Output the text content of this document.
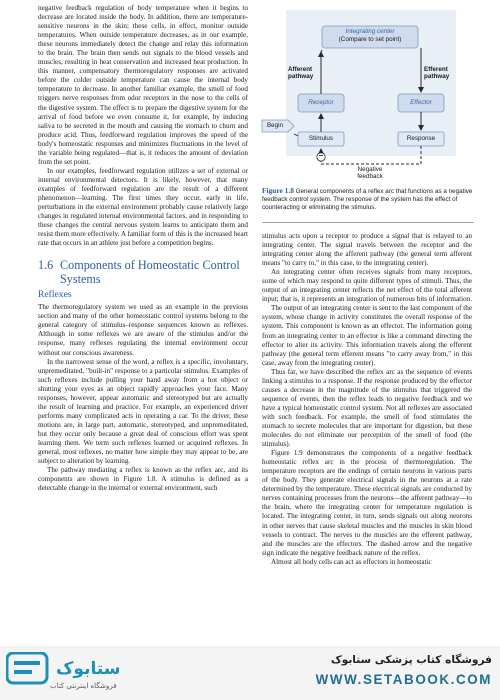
negative feedback regulation of body temperature when it begins to decrease are located inside the body. In addition, there are temperature-sensitive neurons in the skin; these cells, in effect, monitor outside temperatures. When outside temperature decreases, as in our example, these neurons immediately detect the change and relay this information to the brain. The brain then sends out signals to the blood vessels and muscles, resulting in heat conservation and increased heat production. In this manner, compensatory thermoregulatory responses are activated before the colder outside temperature can cause the internal body temperature to decrease. In another familiar example, the smell of food triggers nerve responses from odor receptors in the nose to the cells of the digestive system. The effect is to prepare the digestive system for the arrival of food before we even consume it, for example, by inducing saliva to be secreted in the mouth and causing the stomach to churn and produce acid. Thus, feedforward regulation improves the speed of the body's homeostatic responses and minimizes fluctuations in the level of the variable being regulated—that is, it reduces the amount of deviation from the set point.

In our examples, feedforward regulation utilizes a set of external or internal environmental detectors. It is likely, however, that many examples of feedforward regulation are the result of a different phenomenon—learning. The first times they occur, early in life, perturbations in the external environment probably cause relatively large changes in regulated internal environmental factors, and in responding to these changes the central nervous system learns to anticipate them and resist them more effectively. A familiar form of this is the increased heart rate that occurs in an athlete just before a competition begins.

1.6 Components of Homeostatic Control Systems
Reflexes

The thermoregulatory system we used as an example in the previous section and many of the other homeostatic control systems belong to the general category of stimulus–response sequences known as reflexes. Although in some reflexes we are aware of the stimulus and/or the response, many reflexes regulating the internal environment occur without our conscious awareness.

In the narrowest sense of the word, a reflex is a specific, involuntary, unpremeditated, "built-in" response to a particular stimulus. Examples of such reflexes include pulling your hand away from a hot object or shutting your eyes as an object rapidly approaches your face. Many responses, however, appear automatic and stereotyped but are actually the result of learning and practice. For example, an experienced driver performs many complicated acts in operating a car. To the driver, these motions are, in large part, automatic, stereotyped, and unpremeditated, but they occur only because a great deal of conscious effort was spent learning them. We term such reflexes learned or acquired reflexes. In general, most reflexes, no matter how simple they may appear to be, are subject to alteration by learning.

The pathway mediating a reflex is known as the reflex arc, and its components are shown in Figure 1.8. A stimulus is defined as a detectable change in the internal or external environment, such

Integrating center
(Compare to set point)
Afferent pathway
Efferent pathway
Receptor	Effector
Begin
Stimulus	Response
−
Negative feedback
Figure 1.8 General components of a reflex arc that functions as a negative feedback control system. The response of the system has the effect of counteracting or eliminating the stimulus.

stimulus acts upon a receptor to produce a signal that is relayed to an integrating center. The signal travels between the receptor and the integrating center along the afferent pathway (the general term afferent means "to carry to," in this case, to the integrating center).

An integrating center often receives signals from many receptors, some of which may respond to quite different types of stimuli. Thus, the output of an integrating center reflects the net effect of the total afferent input; that is, it represents an integration of numerous bits of information.

The output of an integrating center is sent to the last component of the system, whose change in activity constitutes the overall response of the system. This component is known as an effector. The information going from an integrating center to an effector is like a command directing the effector to alter its activity. This information travels along the efferent pathway (the general term efferent means "to carry away from," in this case, away from the integrating center).

Thus far, we have described the reflex arc as the sequence of events linking a stimulus to a response. If the response produced by the effector causes a decrease in the magnitude of the stimulus that triggered the sequence of events, then the reflex leads to negative feedback and we have a typical homeostatic control system. Not all reflexes are associated with such feedback. For example, the smell of food stimulates the stomach to secrete molecules that are important for digestion, but these molecules do not eliminate our perception of the smell of food (the stimulus).

Figure 1.9 demonstrates the components of a negative feedback homeostatic reflex arc in the process of thermoregulation. The temperature receptors are the endings of certain neurons in various parts of the body. They generate electrical signals in the neurons at a rate determined by the temperature. These electrical signals are conducted by nerves containing processes from the neurons—the afferent pathway—to the brain, where the integrating center for temperature regulation is located. The integrating center, in turn, sends signals out along neurons in other nerves that cause skeletal muscles and the muscles in skin blood vessels to contract. The nerves to the muscles are the efferent pathway, and the muscles are the effectors. The dashed arrow and the negative sign indicate the negative feedback nature of the reflex.

Almost all body cells can act as effectors in homeostatic

ستابوک
فروشگاه اینترنتی کتاب
فروشگاه کتاب پزشکی ستابوک
WWW.SETABOOK.COM
